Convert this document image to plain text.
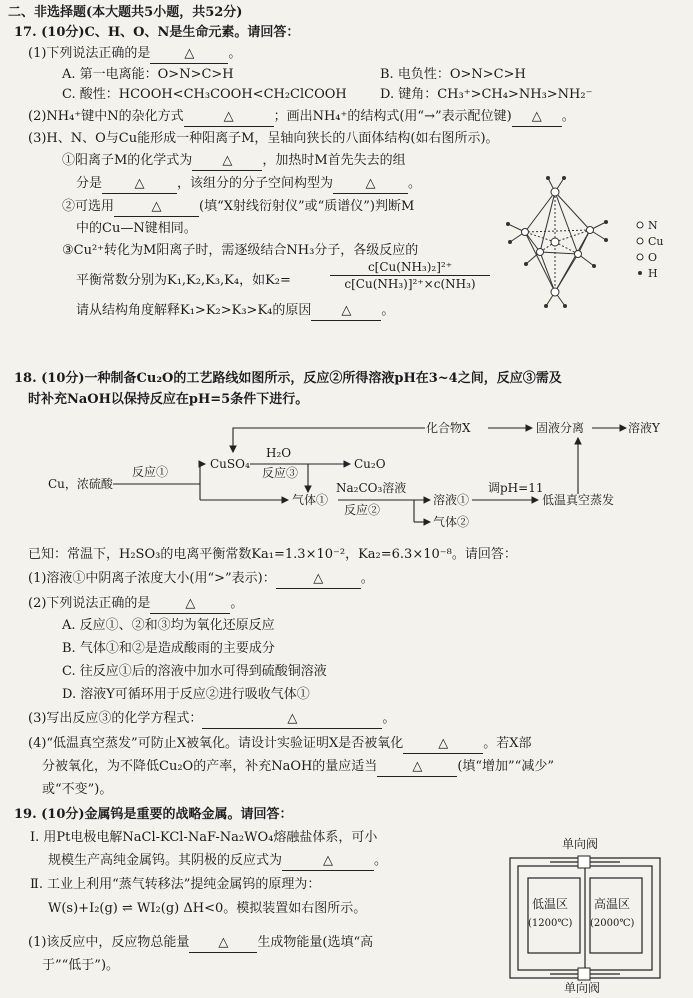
二、非选择题(本大题共5小题，共52分)
17. (10分)C、H、O、N是生命元素。请回答：
(1)下列说法正确的是	△	。
A. 第一电离能：O>N>C>H	B. 电负性：O>N>C>H
C. 酸性：HCOOH<CH₃COOH<CH₂ClCOOH	D. 键角：CH₃⁺>CH₄>NH₃>NH₂⁻
(2)NH₄⁺键中N的杂化方式	△	；画出NH₄⁺的结构式(用“→”表示配位键) △ 。
(3)H、N、O与Cu能形成一种阳离子M，呈轴向狭长的八面体结构(如右图所示)。
①阳离子M的化学式为 △ ，加热时M首先失去的组
分是	△	，该组分的分子空间构型为	△	。
②可选用	△	(填“X射线衍射仪”或“质谱仪”)判断M
中的Cu—N键相同。
③Cu²⁺转化为M阳离子时，需逐级结合NH₃分子，各级反应的
平衡常数分别为K₁,K₂,K₃,K₄，如K₂=	$\frac{\text{c[Cu(NH₃)₂]²⁺}}{\text{c[Cu(NH₃)]²⁺×c(NH₃)}}$
请从结构角度解释K₁>K₂>K₃>K₄的原因 △ 。
N
Cu
O
H
18. (10分)一种制备Cu₂O的工艺路线如图所示，反应②所得溶液pH在3~4之间，反应③需及
时补充NaOH以保持反应在pH=5条件下进行。
化合物X	固液分离	溶液Y
CuSO₄
H₂O
反应③
Cu₂O
Cu，浓硫酸
反应①
气体①
Na₂CO₃溶液
反应②
溶液①
调pH=11
低温真空蒸发
气体②
已知：常温下，H₂SO₃的电离平衡常数Ka₁=1.3×10⁻²，Ka₂=6.3×10⁻⁸。请回答：
(1)溶液①中阴离子浓度大小(用“>”表示)：	△	。
(2)下列说法正确的是	△	。
A. 反应①、②和③均为氧化还原反应
B. 气体①和②是造成酸雨的主要成分
C. 往反应①后的溶液中加水可得到硫酸铜溶液
D. 溶液Y可循环用于反应②进行吸收气体①
(3)写出反应③的化学方程式：	△	。
(4)“低温真空蒸发”可防止X被氧化。请设计实验证明X是否被氧化	△	。若X部
分被氧化，为不降低Cu₂O的产率，补充NaOH的量应适当	△	(填“增加”“减少”
或“不变”)。
19. (10分)金属钨是重要的战略金属。请回答：
Ⅰ. 用Pt电极电解NaCl-KCl-NaF-Na₂WO₄熔融盐体系，可小
规模生产高纯金属钨。其阴极的反应式为	△	。
Ⅱ. 工业上利用“蒸气转移法”提纯金属钨的原理为：
W(s)+I₂(g) ⇌ WI₂(g) ΔH<0。模拟装置如右图所示。
(1)该反应中，反应物总能量 △ 生成物能量(选填“高
于”“低于”)。
单向阀
单向阀
低温区
(1200℃)
高温区
(2000℃)
